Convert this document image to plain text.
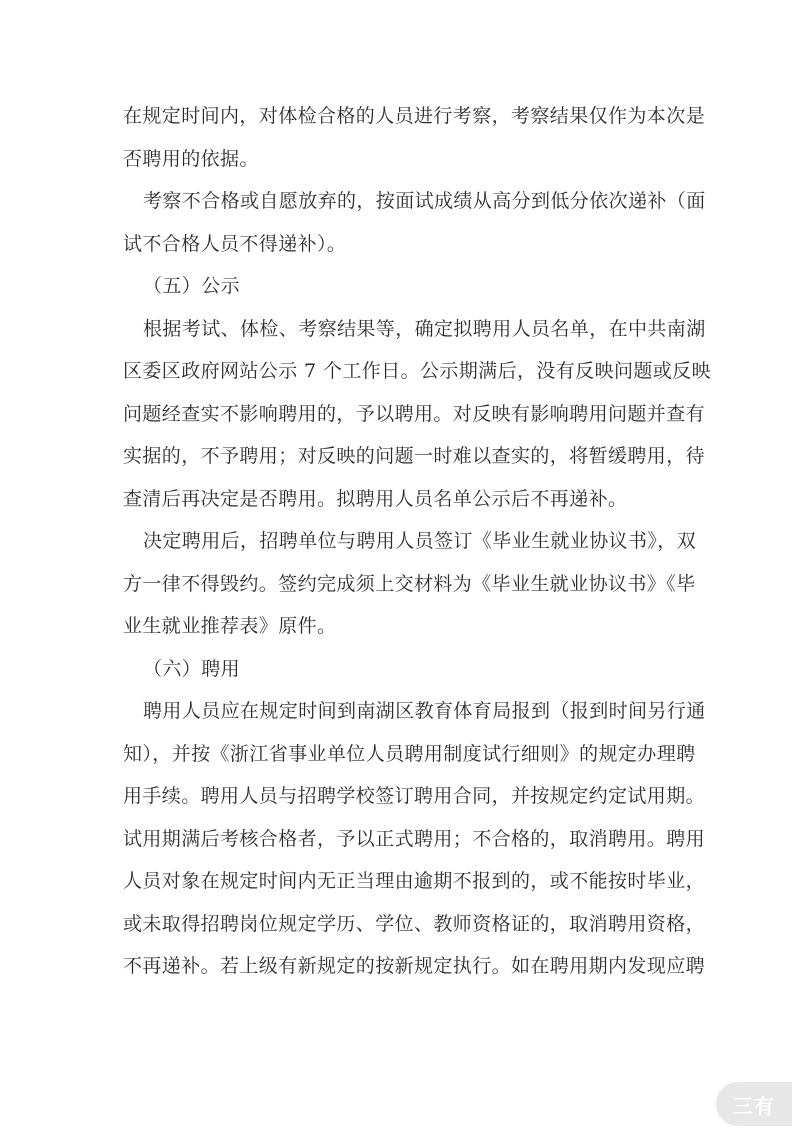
在规定时间内，对体检合格的人员进行考察，考察结果仅作为本次是
否聘用的依据。
考察不合格或自愿放弃的，按面试成绩从高分到低分依次递补（面
试不合格人员不得递补）。
（五）公示
根据考试、体检、考察结果等，确定拟聘用人员名单，在中共南湖
区委区政府网站公示 7 个工作日。公示期满后，没有反映问题或反映
问题经查实不影响聘用的，予以聘用。对反映有影响聘用问题并查有
实据的，不予聘用；对反映的问题一时难以查实的，将暂缓聘用，待
查清后再决定是否聘用。拟聘用人员名单公示后不再递补。
决定聘用后，招聘单位与聘用人员签订《毕业生就业协议书》，双
方一律不得毁约。签约完成须上交材料为《毕业生就业协议书》《毕
业生就业推荐表》原件。
（六）聘用
聘用人员应在规定时间到南湖区教育体育局报到（报到时间另行通
知），并按《浙江省事业单位人员聘用制度试行细则》的规定办理聘
用手续。聘用人员与招聘学校签订聘用合同，并按规定约定试用期。
试用期满后考核合格者，予以正式聘用；不合格的，取消聘用。聘用
人员对象在规定时间内无正当理由逾期不报到的，或不能按时毕业，
或未取得招聘岗位规定学历、学位、教师资格证的，取消聘用资格，
不再递补。若上级有新规定的按新规定执行。如在聘用期内发现应聘
三有
